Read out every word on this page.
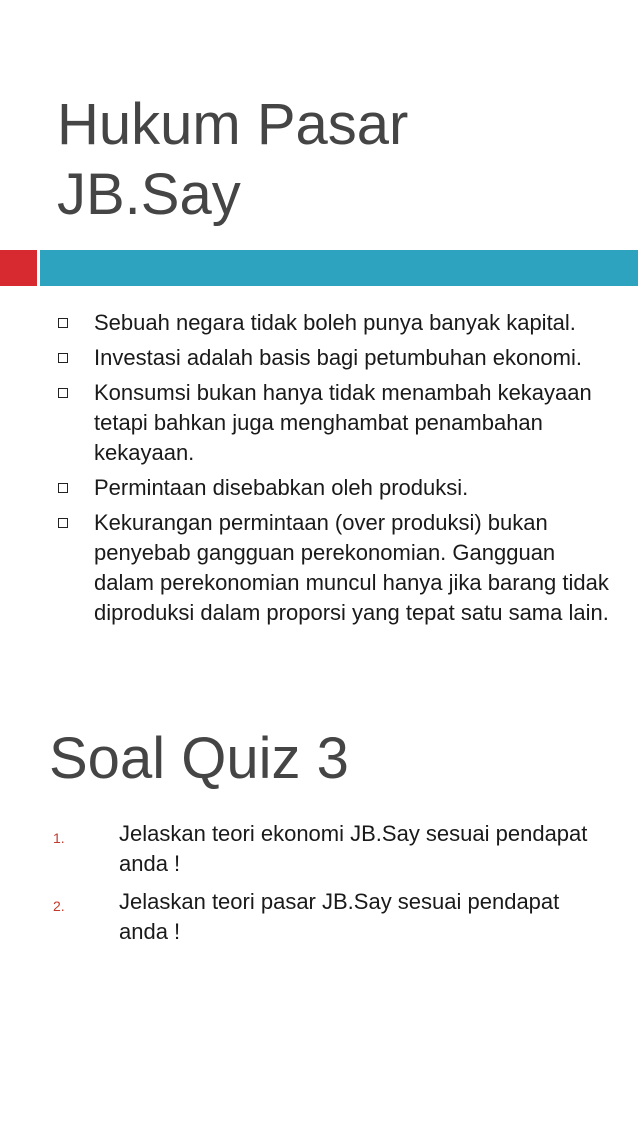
Hukum Pasar
JB.Say
Sebuah negara tidak boleh punya banyak kapital.
Investasi adalah basis bagi petumbuhan ekonomi.
Konsumsi bukan hanya tidak menambah kekayaan tetapi bahkan juga menghambat penambahan kekayaan.
Permintaan disebabkan oleh produksi.
Kekurangan permintaan (over produksi) bukan penyebab gangguan perekonomian. Gangguan dalam perekonomian muncul hanya jika barang tidak diproduksi dalam proporsi yang tepat satu sama lain.
Soal Quiz 3
1. Jelaskan teori ekonomi JB.Say sesuai pendapat anda !
2. Jelaskan teori pasar JB.Say sesuai pendapat anda !
